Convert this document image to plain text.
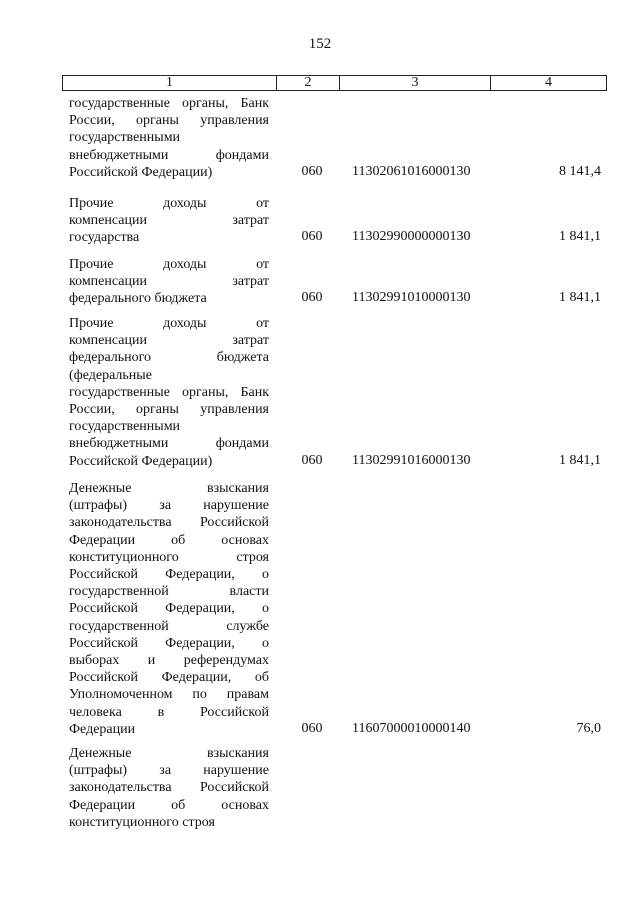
152
1	2	3	4
государственные органы, Банк
России, органы управления
государственными
внебюджетными фондами
Российской Федерации)	060	11302061016000130	8 141,4
Прочие доходы от
компенсации затрат
государства	060	11302990000000130	1 841,1
Прочие доходы от
компенсации затрат
федерального бюджета	060	11302991010000130	1 841,1
Прочие доходы от
компенсации затрат
федерального бюджета
(федеральные
государственные органы, Банк
России, органы управления
государственными
внебюджетными фондами
Российской Федерации)	060	11302991016000130	1 841,1
Денежные взыскания
(штрафы) за нарушение
законодательства Российской
Федерации об основах
конституционного строя
Российской Федерации, о
государственной власти
Российской Федерации, о
государственной службе
Российской Федерации, о
выборах и референдумах
Российской Федерации, об
Уполномоченном по правам
человека в Российской
Федерации	060	11607000010000140	76,0
Денежные взыскания
(штрафы) за нарушение
законодательства Российской
Федерации об основах
конституционного строя
